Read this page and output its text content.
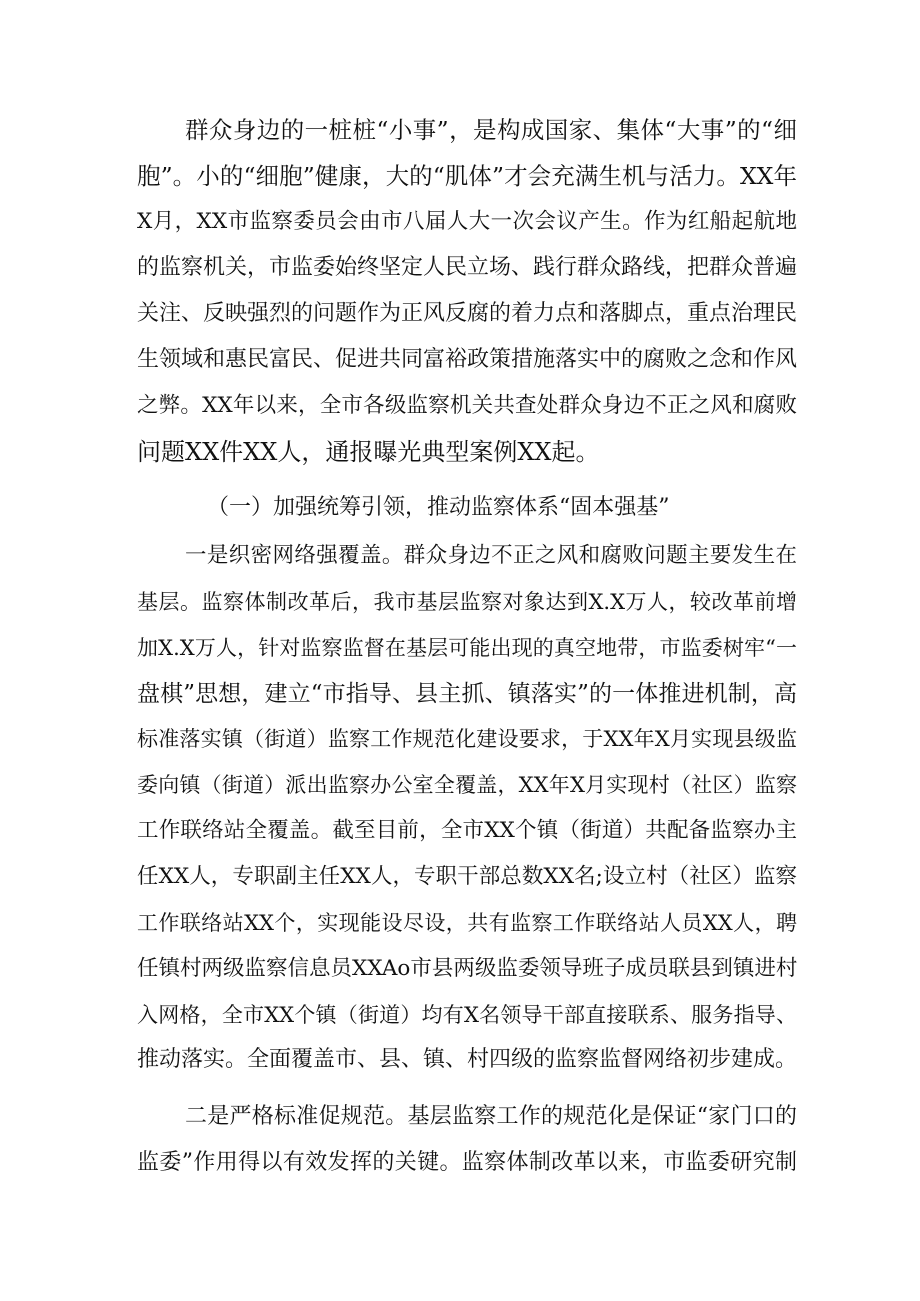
群众身边的一桩桩“小事”，是构成国家、集体“大事”的“细
胞”。小的“细胞”健康，大的“肌体”才会充满生机与活力。XX年
X月，XX市监察委员会由市八届人大一次会议产生。作为红船起航地
的监察机关，市监委始终坚定人民立场、践行群众路线，把群众普遍
关注、反映强烈的问题作为正风反腐的着力点和落脚点，重点治理民
生领域和惠民富民、促进共同富裕政策措施落实中的腐败之念和作风
之弊。XX年以来，全市各级监察机关共查处群众身边不正之风和腐败
问题XX件XX人，通报曝光典型案例XX起。
（一）加强统筹引领，推动监察体系“固本强基”
一是织密网络强覆盖。群众身边不正之风和腐败问题主要发生在
基层。监察体制改革后，我市基层监察对象达到X.X万人，较改革前增
加X.X万人，针对监察监督在基层可能出现的真空地带，市监委树牢“一
盘棋”思想，建立“市指导、县主抓、镇落实”的一体推进机制，高
标准落实镇（街道）监察工作规范化建设要求，于XX年X月实现县级监
委向镇（街道）派出监察办公室全覆盖，XX年X月实现村（社区）监察
工作联络站全覆盖。截至目前，全市XX个镇（街道）共配备监察办主
任XX人，专职副主任XX人，专职干部总数XX名;设立村（社区）监察
工作联络站XX个，实现能设尽设，共有监察工作联络站人员XX人，聘
任镇村两级监察信息员XXAo市县两级监委领导班子成员联县到镇进村
入网格，全市XX个镇（街道）均有X名领导干部直接联系、服务指导、
推动落实。全面覆盖市、县、镇、村四级的监察监督网络初步建成。
二是严格标准促规范。基层监察工作的规范化是保证“家门口的
监委”作用得以有效发挥的关键。监察体制改革以来，市监委研究制
